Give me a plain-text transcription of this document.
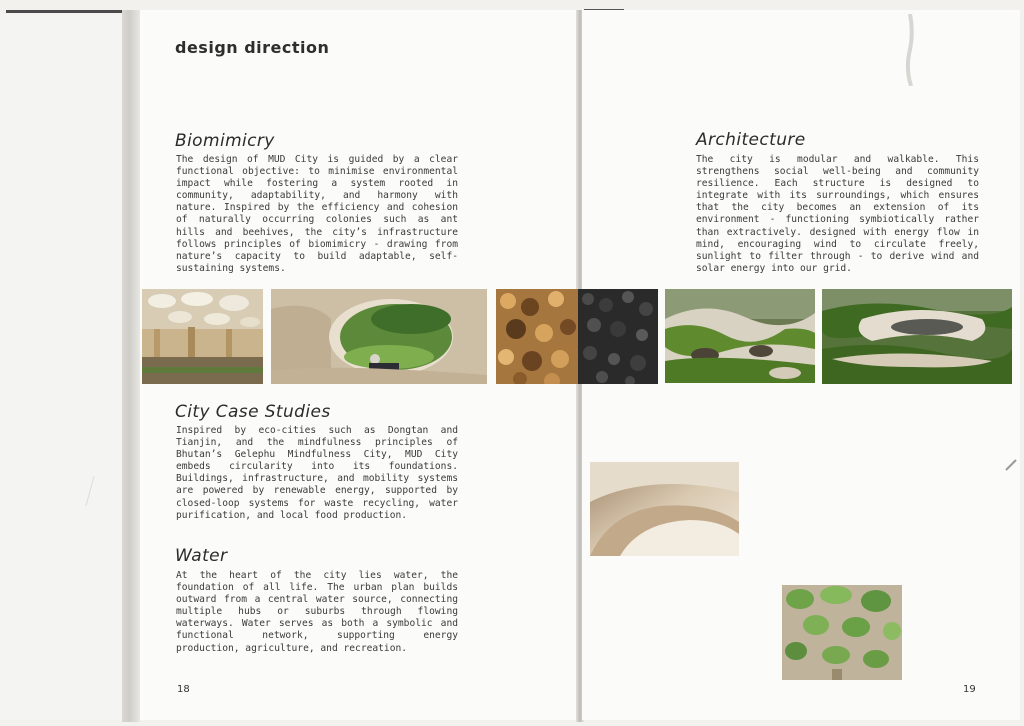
design direction
Biomimicry

The design of MUD City is guided by a clear functional objective: to minimise environmental impact while fostering a system rooted in community, adaptability, and harmony with nature. Inspired by the efficiency and cohesion of naturally occurring colonies such as ant hills and beehives, the city’s infrastructure follows principles of biomimicry - drawing from nature’s capacity to build adaptable, self-sustaining systems.

City Case Studies

Inspired by eco-cities such as Dongtan and Tianjin, and the mindfulness principles of Bhutan’s Gelephu Mindfulness City, MUD City embeds circularity into its foundations. Buildings, infrastructure, and mobility systems are powered by renewable energy, supported by closed-loop systems for waste recycling, water purification, and local food production.

Water

At the heart of the city lies water, the foundation of all life. The urban plan builds outward from a central water source, connecting multiple hubs or suburbs through flowing waterways. Water serves as both a symbolic and functional network, supporting energy production, agriculture, and recreation.

18

Architecture

The city is modular and walkable. This strengthens social well-being and community resilience. Each structure is designed to integrate with its surroundings, which ensures that the city becomes an extension of its environment - functioning symbiotically rather than extractively. designed with energy flow in mind, encouraging wind to circulate freely, sunlight to filter through - to derive wind and solar energy into our grid.

19
